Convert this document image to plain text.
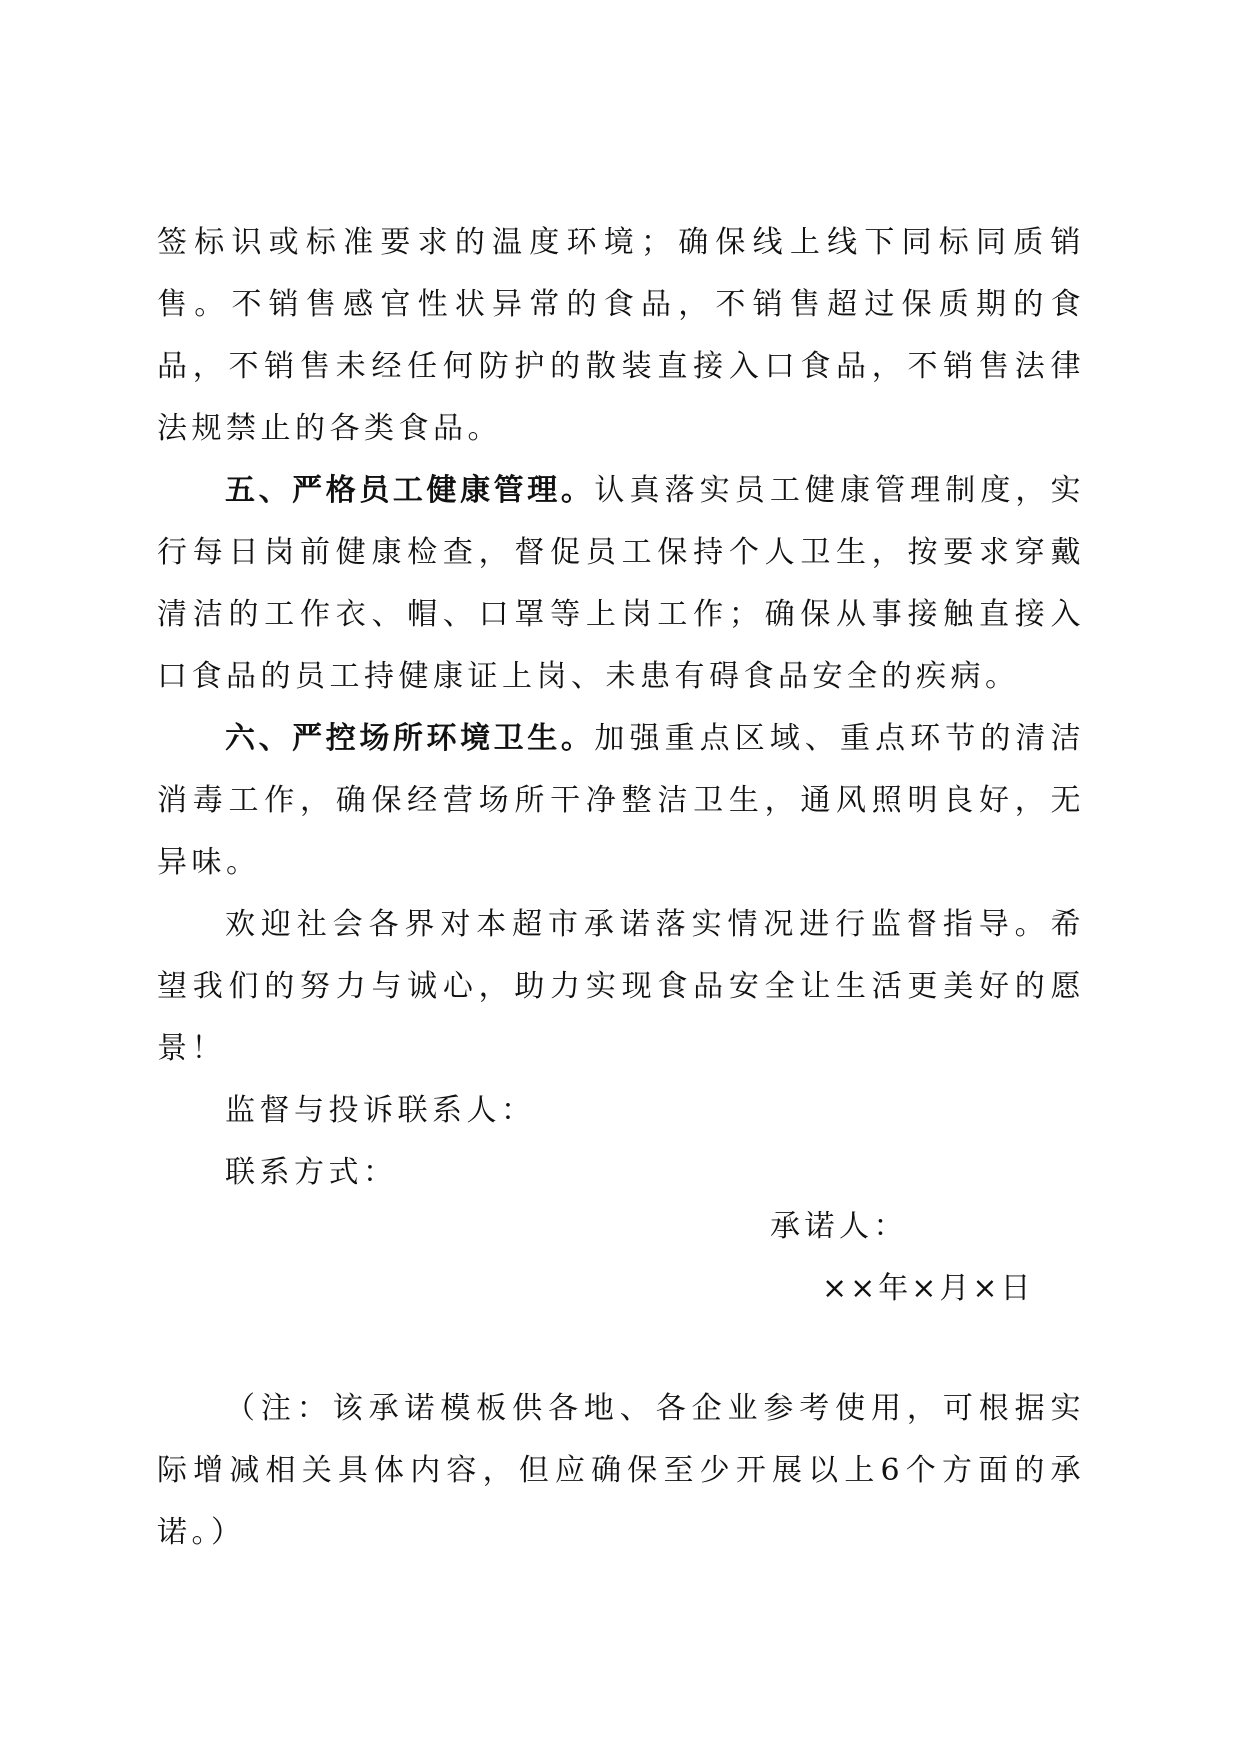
签标识或标准要求的温度环境；确保线上线下同标同质销售。不销售感官性状异常的食品，不销售超过保质期的食品，不销售未经任何防护的散装直接入口食品，不销售法律法规禁止的各类食品。

五、严格员工健康管理。认真落实员工健康管理制度，实行每日岗前健康检查，督促员工保持个人卫生，按要求穿戴清洁的工作衣、帽、口罩等上岗工作；确保从事接触直接入口食品的员工持健康证上岗、未患有碍食品安全的疾病。

六、严控场所环境卫生。加强重点区域、重点环节的清洁消毒工作，确保经营场所干净整洁卫生，通风照明良好，无异味。

欢迎社会各界对本超市承诺落实情况进行监督指导。希望我们的努力与诚心，助力实现食品安全让生活更美好的愿景！

监督与投诉联系人：

联系方式：

承诺人：

××年×月×日

（注：该承诺模板供各地、各企业参考使用，可根据实际增减相关具体内容，但应确保至少开展以上6个方面的承诺。）
